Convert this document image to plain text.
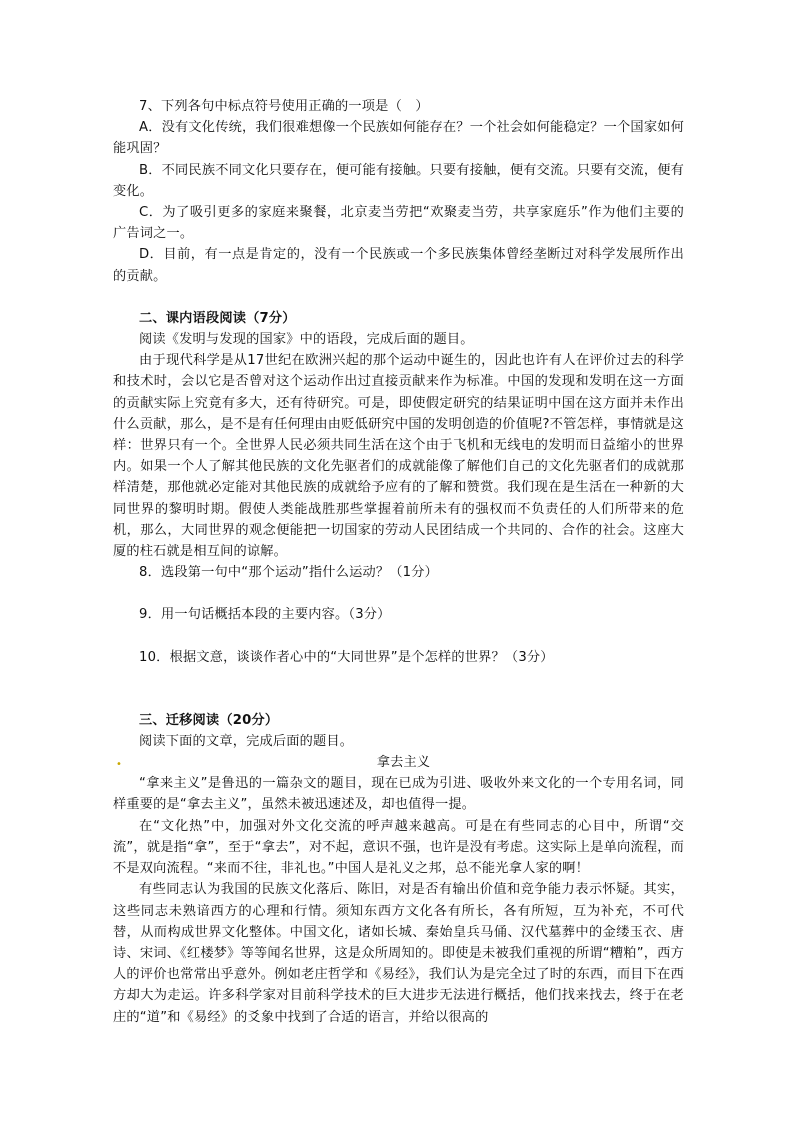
7、下列各句中标点符号使用正确的一项是（　）

A．没有文化传统，我们很难想像一个民族如何能存在？一个社会如何能稳定？一个国家如何能巩固？

B．不同民族不同文化只要存在，便可能有接触。只要有接触，便有交流。只要有交流，便有变化。

C．为了吸引更多的家庭来聚餐，北京麦当劳把“欢聚麦当劳，共享家庭乐”作为他们主要的广告词之一。

D．目前，有一点是肯定的，没有一个民族或一个多民族集体曾经垄断过对科学发展所作出的贡献。

二、课内语段阅读（7分）

阅读《发明与发现的国家》中的语段，完成后面的题目。

由于现代科学是从17世纪在欧洲兴起的那个运动中诞生的，因此也许有人在评价过去的科学和技术时，会以它是否曾对这个运动作出过直接贡献来作为标准。中国的发现和发明在这一方面的贡献实际上究竟有多大，还有待研究。可是，即使假定研究的结果证明中国在这方面并未作出什么贡献，那么，是不是有任何理由由贬低研究中国的发明创造的价值呢?不管怎样，事情就是这样：世界只有一个。全世界人民必须共同生活在这个由于飞机和无线电的发明而日益缩小的世界内。如果一个人了解其他民族的文化先驱者们的成就能像了解他们自己的文化先驱者们的成就那样清楚，那他就必定能对其他民族的成就给予应有的了解和赞赏。我们现在是生活在一种新的大同世界的黎明时期。假使人类能战胜那些掌握着前所未有的强权而不负责任的人们所带来的危机，那么，大同世界的观念便能把一切国家的劳动人民团结成一个共同的、合作的社会。这座大厦的柱石就是相互间的谅解。

8．选段第一句中“那个运动”指什么运动？（1分）

9．用一句话概括本段的主要内容。（3分）

10．根据文意，谈谈作者心中的“大同世界”是个怎样的世界？（3分）

三、迁移阅读（20分）

阅读下面的文章，完成后面的题目。

•	拿去主义

“拿来主义”是鲁迅的一篇杂文的题目，现在已成为引进、吸收外来文化的一个专用名词，同样重要的是“拿去主义”，虽然未被迅速述及，却也值得一提。

在“文化热”中，加强对外文化交流的呼声越来越高。可是在有些同志的心目中，所谓“交流”，就是指“拿”，至于“拿去”，对不起，意识不强，也许是没有考虑。这实际上是单向流程，而不是双向流程。“来而不往，非礼也。”中国人是礼义之邦，总不能光拿人家的啊！

有些同志认为我国的民族文化落后、陈旧，对是否有输出价值和竞争能力表示怀疑。其实，这些同志未熟谙西方的心理和行情。须知东西方文化各有所长，各有所短，互为补充，不可代替，从而构成世界文化整体。中国文化，诸如长城、秦始皇兵马俑、汉代墓葬中的金缕玉衣、唐诗、宋词、《红楼梦》等等闻名世界，这是众所周知的。即使是未被我们重视的所谓“糟粕”，西方人的评价也常常出乎意外。例如老庄哲学和《易经》，我们认为是完全过了时的东西，而目下在西方却大为走运。许多科学家对目前科学技术的巨大进步无法进行概括，他们找来找去，终于在老庄的“道”和《易经》的爻象中找到了合适的语言，并给以很高的
